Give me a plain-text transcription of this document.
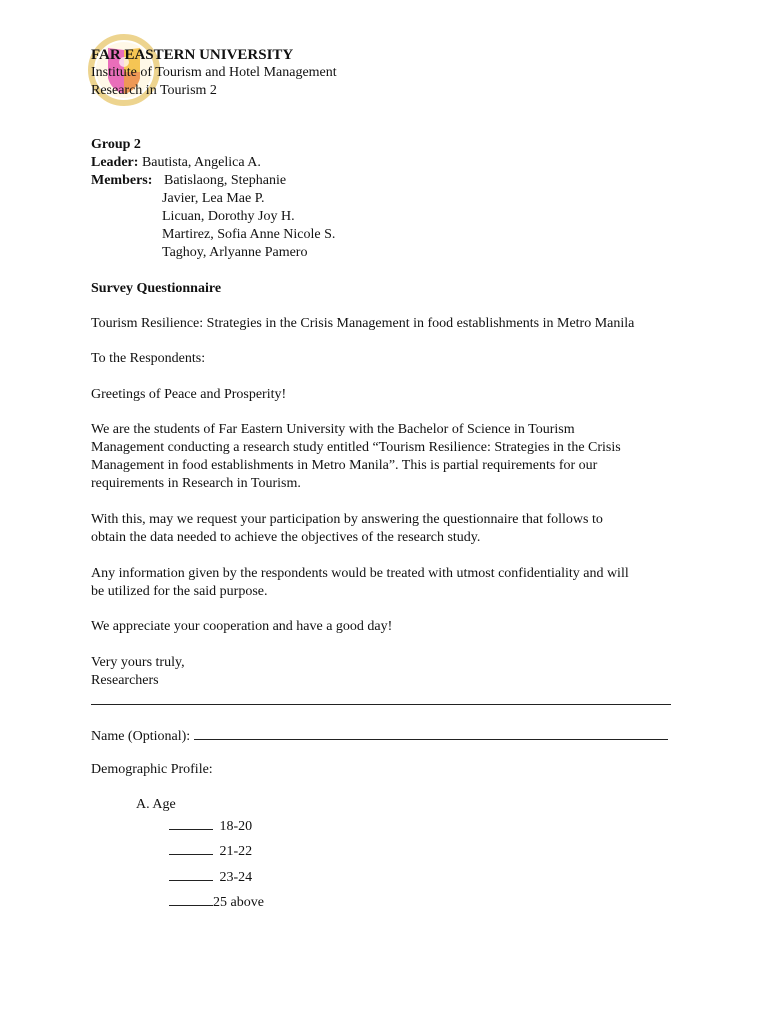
FAR EASTERN UNIVERSITY
Institute of Tourism and Hotel Management
Research in Tourism 2
Group 2
Leader: Bautista, Angelica A.
Members: Batislaong, Stephanie
Javier, Lea Mae P.
Licuan, Dorothy Joy H.
Martirez, Sofia Anne Nicole S.
Taghoy, Arlyanne Pamero
Survey Questionnaire
Tourism Resilience: Strategies in the Crisis Management in food establishments in Metro Manila
To the Respondents:
Greetings of Peace and Prosperity!
We are the students of Far Eastern University with the Bachelor of Science in Tourism
Management conducting a research study entitled “Tourism Resilience: Strategies in the Crisis
Management in food establishments in Metro Manila”. This is partial requirements for our
requirements in Research in Tourism.
With this, may we request your participation by answering the questionnaire that follows to
obtain the data needed to achieve the objectives of the research study.
Any information given by the respondents would be treated with utmost confidentiality and will
be utilized for the said purpose.
We appreciate your cooperation and have a good day!
Very yours truly,
Researchers
Name (Optional):
Demographic Profile:
A. Age
18-20
21-22
23-24
25 above
